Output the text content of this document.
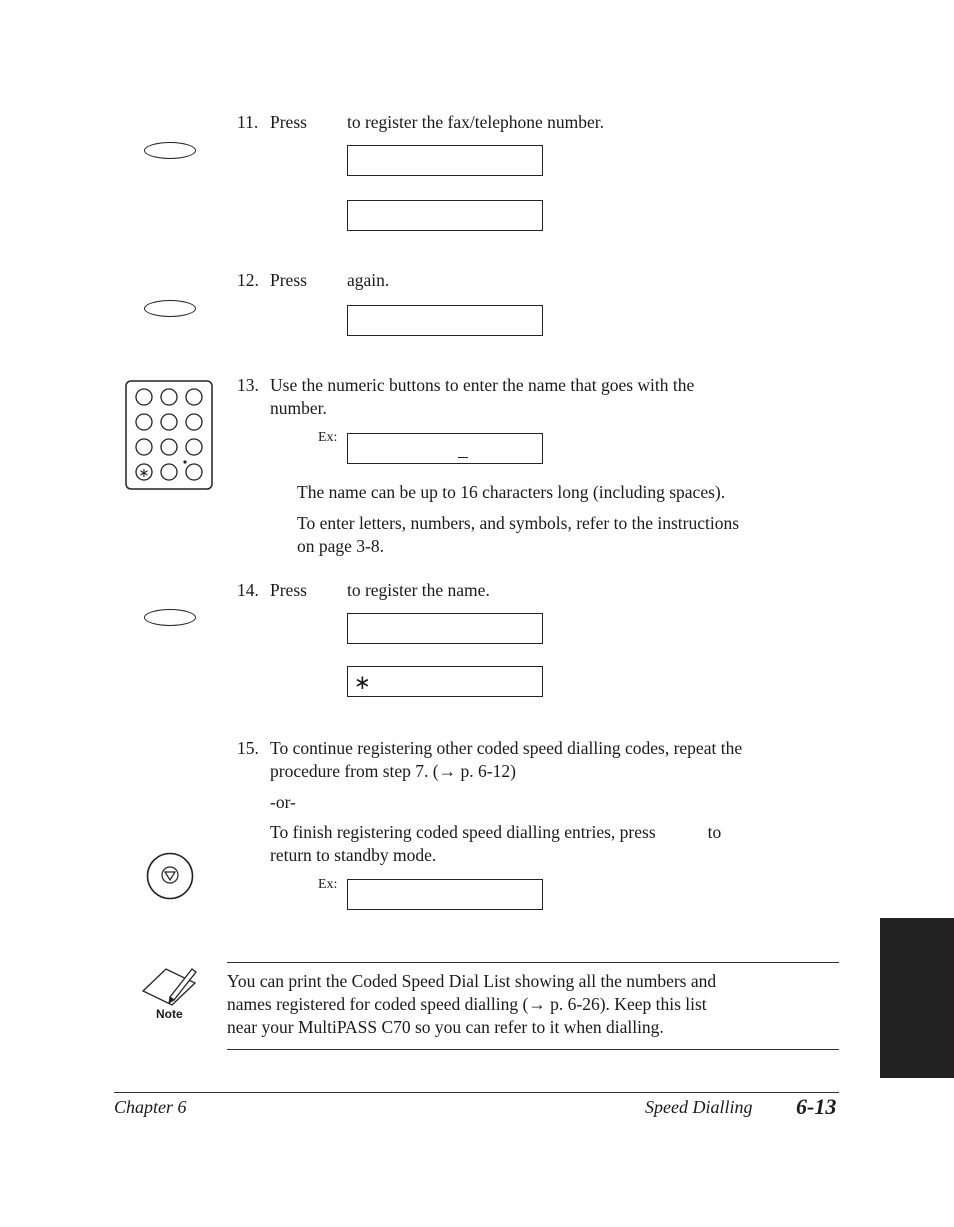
11. Press to register the fax/telephone number.
12. Press again.
∗
13. Use the numeric buttons to enter the name that goes with the
number.
Ex:
The name can be up to 16 characters long (including spaces).
To enter letters, numbers, and symbols, refer to the instructions
on page 3-8.
14. Press to register the name.
∗
15. To continue registering other coded speed dialling codes, repeat the
procedure from step 7. (→ p. 6-12)
-or-
To finish registering coded speed dialling entries, press	to
return to standby mode.
Ex:
Note
You can print the Coded Speed Dial List showing all the numbers and
names registered for coded speed dialling (→ p. 6-26). Keep this list
near your MultiPASS C70 so you can refer to it when dialling.
Chapter 6	Speed Dialling 6-13
